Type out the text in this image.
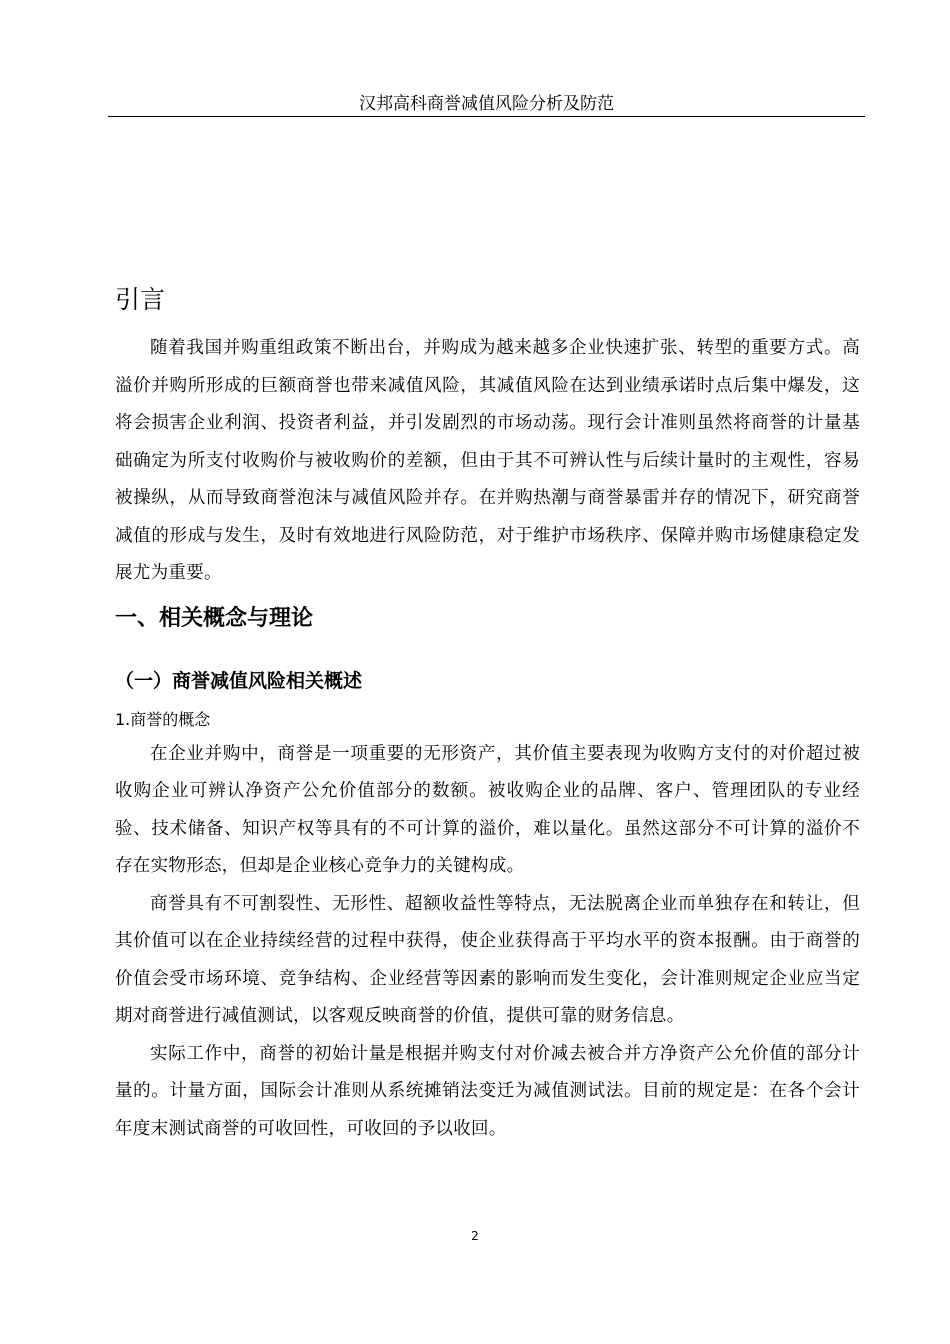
汉邦高科商誉减值风险分析及防范
引言

随着我国并购重组政策不断出台，并购成为越来越多企业快速扩张、转型的重要方式。高溢价并购所形成的巨额商誉也带来减值风险，其减值风险在达到业绩承诺时点后集中爆发，这将会损害企业利润、投资者利益，并引发剧烈的市场动荡。现行会计准则虽然将商誉的计量基础确定为所支付收购价与被收购价的差额，但由于其不可辨认性与后续计量时的主观性，容易被操纵，从而导致商誉泡沫与减值风险并存。在并购热潮与商誉暴雷并存的情况下，研究商誉减值的形成与发生，及时有效地进行风险防范，对于维护市场秩序、保障并购市场健康稳定发展尤为重要。

一、相关概念与理论
（一）商誉减值风险相关概述
1.商誉的概念

在企业并购中，商誉是一项重要的无形资产，其价值主要表现为收购方支付的对价超过被收购企业可辨认净资产公允价值部分的数额。被收购企业的品牌、客户、管理团队的专业经验、技术储备、知识产权等具有的不可计算的溢价，难以量化。虽然这部分不可计算的溢价不存在实物形态，但却是企业核心竞争力的关键构成。

商誉具有不可割裂性、无形性、超额收益性等特点，无法脱离企业而单独存在和转让，但其价值可以在企业持续经营的过程中获得，使企业获得高于平均水平的资本报酬。由于商誉的价值会受市场环境、竞争结构、企业经营等因素的影响而发生变化，会计准则规定企业应当定期对商誉进行减值测试，以客观反映商誉的价值，提供可靠的财务信息。

实际工作中，商誉的初始计量是根据并购支付对价减去被合并方净资产公允价值的部分计量的。计量方面，国际会计准则从系统摊销法变迁为减值测试法。目前的规定是：在各个会计年度末测试商誉的可收回性，可收回的予以收回。

2
